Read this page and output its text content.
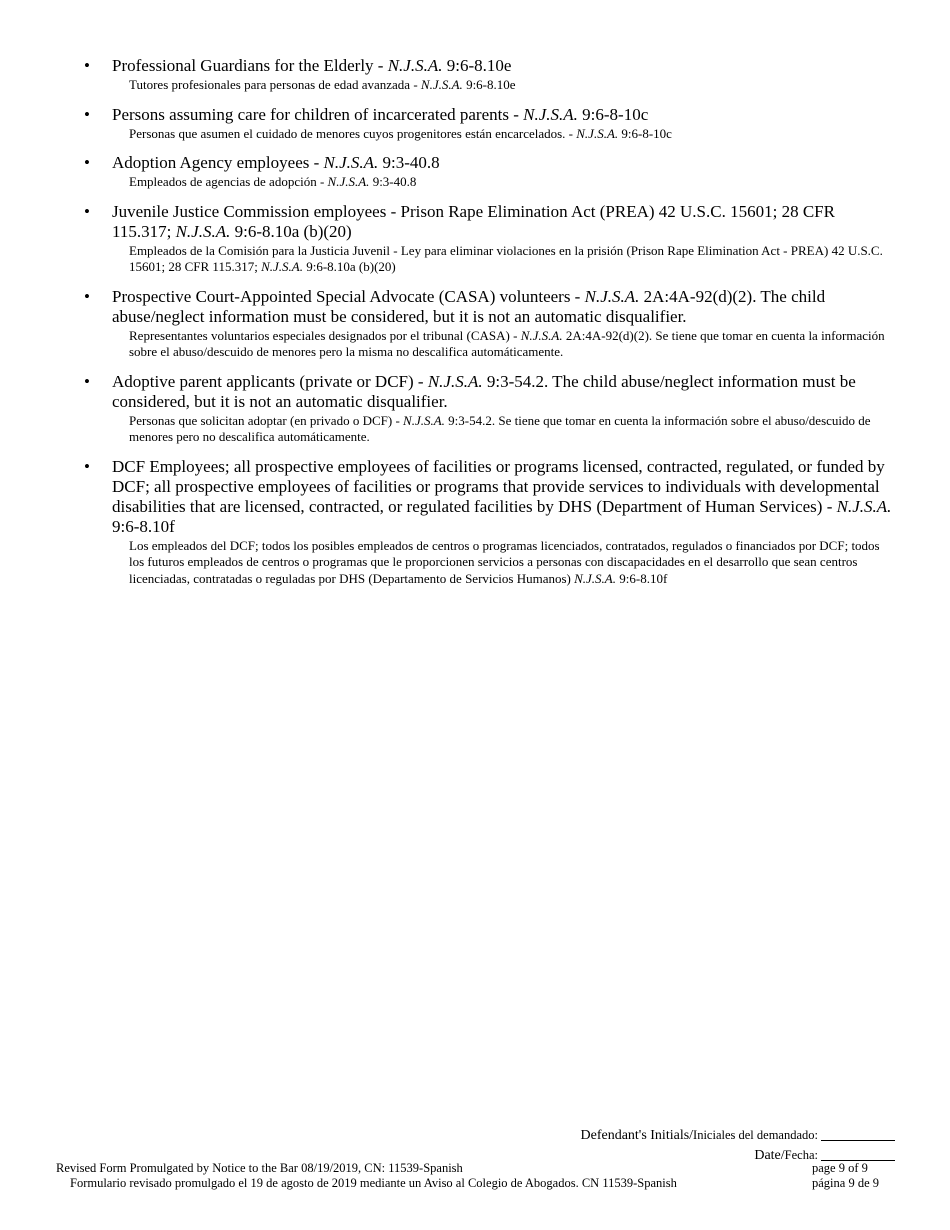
• Professional Guardians for the Elderly - N.J.S.A. 9:6-8.10e
Tutores profesionales para personas de edad avanzada - N.J.S.A. 9:6-8.10e
• Persons assuming care for children of incarcerated parents - N.J.S.A. 9:6-8-10c
Personas que asumen el cuidado de menores cuyos progenitores están encarcelados. - N.J.S.A. 9:6-8-10c
• Adoption Agency employees - N.J.S.A. 9:3-40.8
Empleados de agencias de adopción - N.J.S.A. 9:3-40.8
• Juvenile Justice Commission employees - Prison Rape Elimination Act (PREA) 42 U.S.C. 15601; 28 CFR 115.317; N.J.S.A. 9:6-8.10a (b)(20)
Empleados de la Comisión para la Justicia Juvenil - Ley para eliminar violaciones en la prisión (Prison Rape Elimination Act - PREA) 42 U.S.C. 15601; 28 CFR 115.317; N.J.S.A. 9:6-8.10a (b)(20)
• Prospective Court-Appointed Special Advocate (CASA) volunteers - N.J.S.A. 2A:4A-92(d)(2). The child abuse/neglect information must be considered, but it is not an automatic disqualifier.
Representantes voluntarios especiales designados por el tribunal (CASA) - N.J.S.A. 2A:4A-92(d)(2). Se tiene que tomar en cuenta la información sobre el abuso/descuido de menores pero la misma no descalifica automáticamente.
• Adoptive parent applicants (private or DCF) - N.J.S.A. 9:3-54.2. The child abuse/neglect information must be considered, but it is not an automatic disqualifier.
Personas que solicitan adoptar (en privado o DCF) - N.J.S.A. 9:3-54.2. Se tiene que tomar en cuenta la información sobre el abuso/descuido de menores pero no descalifica automáticamente.
• DCF Employees; all prospective employees of facilities or programs licensed, contracted, regulated, or funded by DCF; all prospective employees of facilities or programs that provide services to individuals with developmental disabilities that are licensed, contracted, or regulated facilities by DHS (Department of Human Services) - N.J.S.A. 9:6-8.10f
Los empleados del DCF; todos los posibles empleados de centros o programas licenciados, contratados, regulados o financiados por DCF; todos los futuros empleados de centros o programas que le proporcionen servicios a personas con discapacidades en el desarrollo que sean centros licenciadas, contratadas o reguladas por DHS (Departamento de Servicios Humanos) N.J.S.A. 9:6-8.10f
Defendant's Initials/Iniciales del demandado:
Date/Fecha:
Revised Form Promulgated by Notice to the Bar 08/19/2019, CN: 11539-Spanish
Formulario revisado promulgado el 19 de agosto de 2019 mediante un Aviso al Colegio de Abogados. CN 11539-Spanish
page 9 of 9
página 9 de 9
